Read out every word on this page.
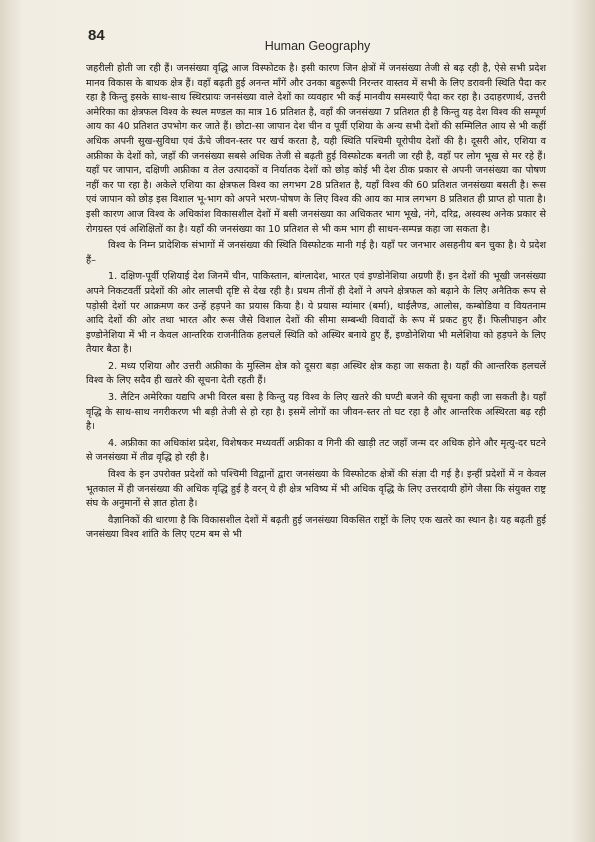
84
Human Geography

जहरीली होती जा रही हैं। जनसंख्या वृद्धि आज विस्फोटक है। इसी कारण जिन क्षेत्रों में जनसंख्या तेजी से बढ़ रही है, ऐसे सभी प्रदेश मानव विकास के बाधक क्षेत्र हैं। वहाँ बढ़ती हुई अनन्त माँगें और उनका बहुरूपी निरन्तर वास्तव में सभी के लिए डरावनी स्थिति पैदा कर रहा है किन्तु इसके साथ-साथ स्थिरप्रायः जनसंख्या वाले देशों का व्यवहार भी कई मानवीय समस्याएँ पैदा कर रहा है। उदाहरणार्थ, उत्तरी अमेरिका का क्षेत्रफल विश्व के स्थल मण्डल का मात्र 16 प्रतिशत है, वहाँ की जनसंख्या 7 प्रतिशत ही है किन्तु यह देश विश्व की सम्पूर्ण आय का 40 प्रतिशत उपभोग कर जाते हैं। छोटा-सा जापान देश चीन व पूर्वी एशिया के अन्य सभी देशों की सम्मिलित आय से भी कहीं अधिक अपनी सुख-सुविधा एवं ऊँचे जीवन-स्तर पर खर्च करता है, यही स्थिति पश्चिमी यूरोपीय देशों की है। दूसरी ओर, एशिया व अफ्रीका के देशों को, जहाँ की जनसंख्या सबसे अधिक तेजी से बढ़ती हुई विस्फोटक बनती जा रही है, वहाँ पर लोग भूख से मर रहे हैं। यहाँ पर जापान, दक्षिणी अफ्रीका व तेल उत्पादकों व निर्यातक देशों को छोड़ कोई भी देश ठीक प्रकार से अपनी जनसंख्या का पोषण नहीं कर पा रहा है। अकेले एशिया का क्षेत्रफल विश्व का लगभग 28 प्रतिशत है, यहाँ विश्व की 60 प्रतिशत जनसंख्या बसती है। रूस एवं जापान को छोड़ इस विशाल भू-भाग को अपने भरण-पोषण के लिए विश्व की आय का मात्र लगभग 8 प्रतिशत ही प्राप्त हो पाता है। इसी कारण आज विश्व के अधिकांश विकासशील देशों में बसी जनसंख्या का अधिकतर भाग भूखे, नंगे, दरिद्र, अस्वस्थ अनेक प्रकार से रोगग्रस्त एवं अशिक्षितों का है। यहाँ की जनसंख्या का 10 प्रतिशत से भी कम भाग ही साधन-सम्पन्न कहा जा सकता है।

विश्व के निम्न प्रादेशिक संभागों में जनसंख्या की स्थिति विस्फोटक मानी गई है। यहाँ पर जनभार असहनीय बन चुका है। ये प्रदेश हैं–

1. दक्षिण-पूर्वी एशियाई देश जिनमें चीन, पाकिस्तान, बांग्लादेश, भारत एवं इण्डोनेशिया अग्रणी हैं। इन देशों की भूखी जनसंख्या अपने निकटवर्ती प्रदेशों की ओर लालची दृष्टि से देख रही है। प्रथम तीनों ही देशों ने अपने क्षेत्रफल को बढ़ाने के लिए अनैतिक रूप से पड़ोसी देशों पर आक्रमण कर उन्हें हड़पने का प्रयास किया है। ये प्रयास म्यांमार (बर्मा), थाईलैण्ड, आलोस, कम्बोडिया व वियतनाम आदि देशों की ओर तथा भारत और रूस जैसे विशाल देशों की सीमा सम्बन्धी विवादों के रूप में प्रकट हुए हैं। फिलीपाइन और इण्डोनेशिया में भी न केवल आन्तरिक राजनीतिक हलचलें स्थिति को अस्थिर बनाये हुए हैं, इण्डोनेशिया भी मलेशिया को हड़पने के लिए तैयार बैठा है।

2. मध्य एशिया और उत्तरी अफ्रीका के मुस्लिम क्षेत्र को दूसरा बड़ा अस्थिर क्षेत्र कहा जा सकता है। यहाँ की आन्तरिक हलचलें विश्व के लिए सदैव ही खतरे की सूचना देती रहती हैं।

3. लैटिन अमेरिका यद्यपि अभी विरल बसा है किन्तु यह विश्व के लिए खतरे की घण्टी बजने की सूचना कही जा सकती है। यहाँ वृद्धि के साथ-साथ नगरीकरण भी बड़ी तेजी से हो रहा है। इसमें लोगों का जीवन-स्तर तो घट रहा है और आन्तरिक अस्थिरता बढ़ रही है।

4. अफ्रीका का अधिकांश प्रदेश, विशेषकर मध्यवर्ती अफ्रीका व गिनी की खाड़ी तट जहाँ जन्म दर अधिक होने और मृत्यु-दर घटने से जनसंख्या में तीव्र वृद्धि हो रही है।

विश्व के इन उपरोक्त प्रदेशों को पश्चिमी विद्वानों द्वारा जनसंख्या के विस्फोटक क्षेत्रों की संज्ञा दी गई है। इन्हीं प्रदेशों में न केवल भूतकाल में ही जनसंख्या की अधिक वृद्धि हुई है वरन् ये ही क्षेत्र भविष्य में भी अधिक वृद्धि के लिए उत्तरदायी होंगे जैसा कि संयुक्त राष्ट्र संघ के अनुमानों से ज्ञात होता है।

वैज्ञानिकों की धारणा है कि विकासशील देशों में बढ़ती हुई जनसंख्या विकसित राष्ट्रों के लिए एक खतरे का स्थान है। यह बढ़ती हुई जनसंख्या विश्व शांति के लिए एटम बम से भी
